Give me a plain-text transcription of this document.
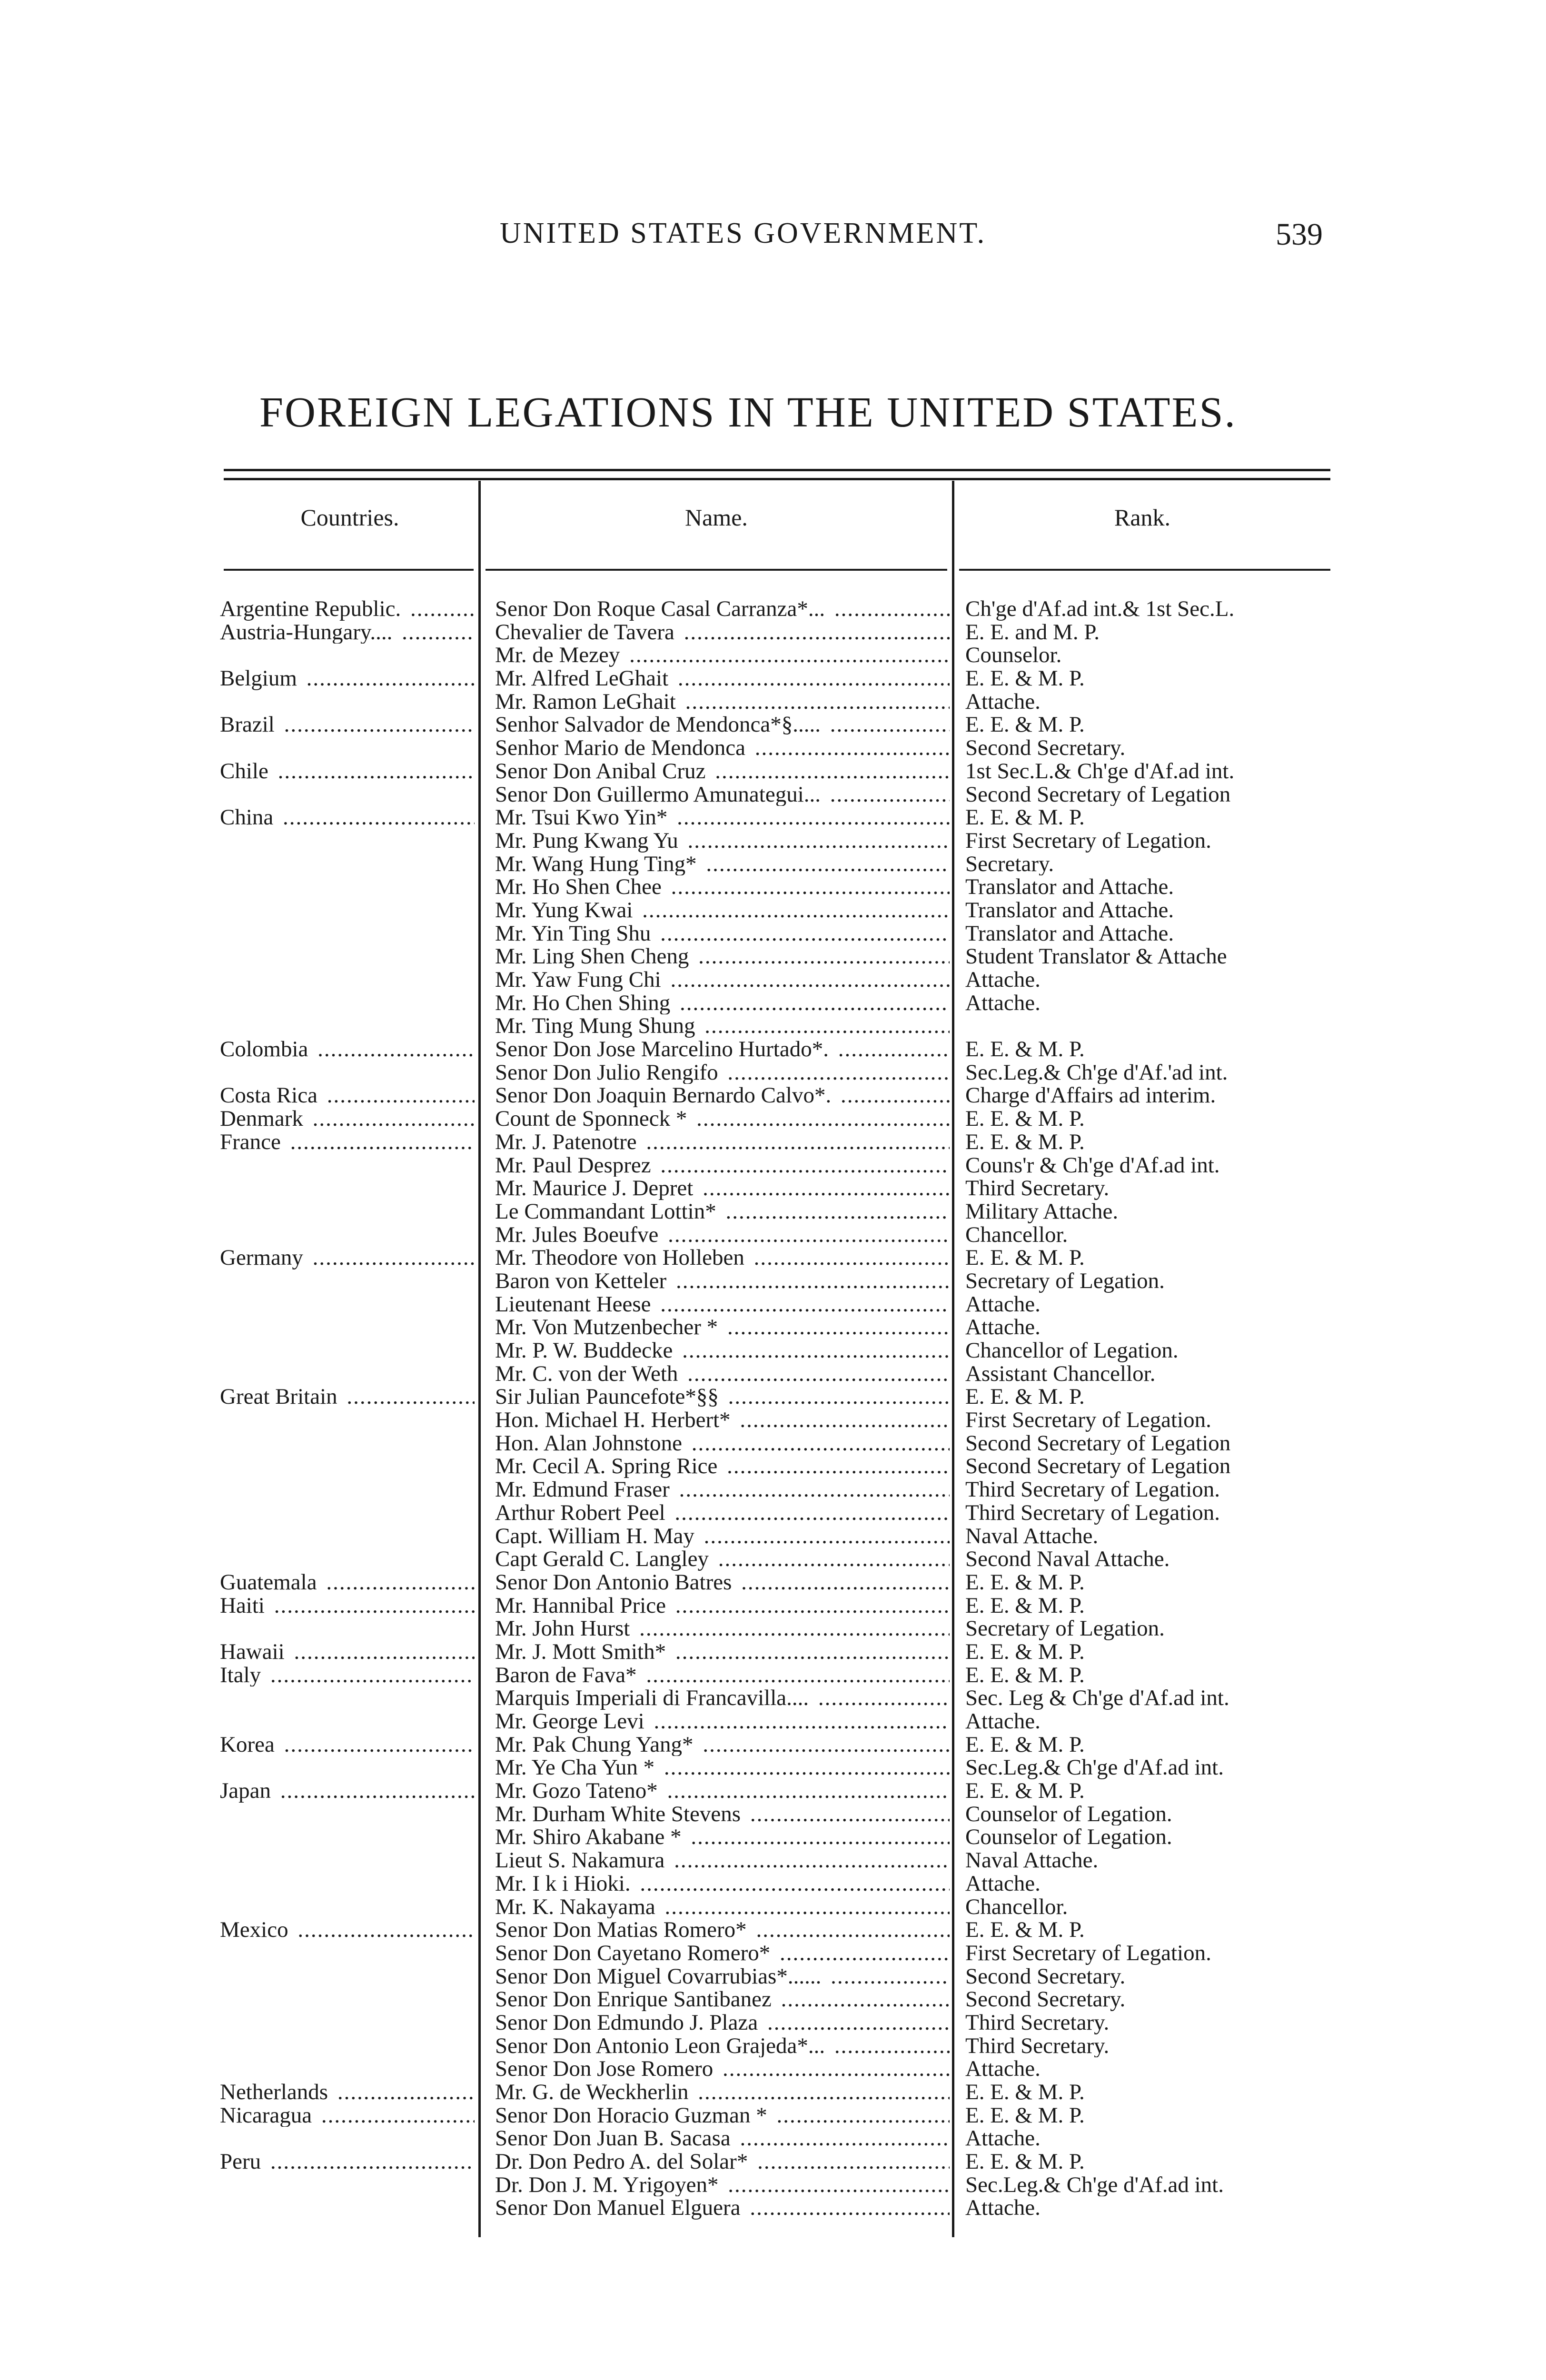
UNITED STATES GOVERNMENT.	539
FOREIGN LEGATIONS IN THE UNITED STATES.
Countries.	Name.	Rank.
Argentine Republic. .....	Senor Don Roque Casal Carranza*... .....	Ch'ge d'Af.ad int.& 1st Sec.L.
Austria-Hungary.... .....	Chevalier de Tavera .....	E. E. and M. P.
Mr. de Mezey .....	Counselor.
Belgium .....	Mr. Alfred LeGhait .....	E. E. & M. P.
Mr. Ramon LeGhait .....	Attache.
Brazil .....	Senhor Salvador de Mendonca*§..... .....	E. E. & M. P.
Senhor Mario de Mendonca .....	Second Secretary.
Chile .....	Senor Don Anibal Cruz .....	1st Sec.L.& Ch'ge d'Af.ad int.
Senor Don Guillermo Amunategui... .....	Second Secretary of Legation
China .....	Mr. Tsui Kwo Yin* .....	E. E. & M. P.
Mr. Pung Kwang Yu .....	First Secretary of Legation.
Mr. Wang Hung Ting* .....	Secretary.
Mr. Ho Shen Chee .....	Translator and Attache.
Mr. Yung Kwai .....	Translator and Attache.
Mr. Yin Ting Shu .....	Translator and Attache.
Mr. Ling Shen Cheng .....	Student Translator & Attache
Mr. Yaw Fung Chi .....	Attache.
Mr. Ho Chen Shing .....	Attache.
Mr. Ting Mung Shung .....
Colombia .....	Senor Don Jose Marcelino Hurtado*. .....	E. E. & M. P.
Senor Don Julio Rengifo .....	Sec.Leg.& Ch'ge d'Af.'ad int.
Costa Rica .....	Senor Don Joaquin Bernardo Calvo*. .....	Charge d'Affairs ad interim.
Denmark .....	Count de Sponneck * .....	E. E. & M. P.
France .....	Mr. J. Patenotre .....	E. E. & M. P.
Mr. Paul Desprez .....	Couns'r & Ch'ge d'Af.ad int.
Mr. Maurice J. Depret .....	Third Secretary.
Le Commandant Lottin* .....	Military Attache.
Mr. Jules Boeufve .....	Chancellor.
Germany .....	Mr. Theodore von Holleben .....	E. E. & M. P.
Baron von Ketteler .....	Secretary of Legation.
Lieutenant Heese .....	Attache.
Mr. Von Mutzenbecher * .....	Attache.
Mr. P. W. Buddecke .....	Chancellor of Legation.
Mr. C. von der Weth .....	Assistant Chancellor.
Great Britain .....	Sir Julian Pauncefote*§§ .....	E. E. & M. P.
Hon. Michael H. Herbert* .....	First Secretary of Legation.
Hon. Alan Johnstone .....	Second Secretary of Legation
Mr. Cecil A. Spring Rice .....	Second Secretary of Legation
Mr. Edmund Fraser .....	Third Secretary of Legation.
Arthur Robert Peel .....	Third Secretary of Legation.
Capt. William H. May .....	Naval Attache.
Capt Gerald C. Langley .....	Second Naval Attache.
Guatemala .....	Senor Don Antonio Batres .....	E. E. & M. P.
Haiti .....	Mr. Hannibal Price .....	E. E. & M. P.
Mr. John Hurst .....	Secretary of Legation.
Hawaii .....	Mr. J. Mott Smith* .....	E. E. & M. P.
Italy .....	Baron de Fava* .....	E. E. & M. P.
Marquis Imperiali di Francavilla.... .....	Sec. Leg & Ch'ge d'Af.ad int.
Mr. George Levi .....	Attache.
Korea .....	Mr. Pak Chung Yang* .....	E. E. & M. P.
Mr. Ye Cha Yun * .....	Sec.Leg.& Ch'ge d'Af.ad int.
Japan .....	Mr. Gozo Tateno* .....	E. E. & M. P.
Mr. Durham White Stevens .....	Counselor of Legation.
Mr. Shiro Akabane * .....	Counselor of Legation.
Lieut S. Nakamura .....	Naval Attache.
Mr. I k i Hioki. .....	Attache.
Mr. K. Nakayama .....	Chancellor.
Mexico .....	Senor Don Matias Romero* .....	E. E. & M. P.
Senor Don Cayetano Romero* .....	First Secretary of Legation.
Senor Don Miguel Covarrubias*...... .....	Second Secretary.
Senor Don Enrique Santibanez .....	Second Secretary.
Senor Don Edmundo J. Plaza .....	Third Secretary.
Senor Don Antonio Leon Grajeda*... .....	Third Secretary.
Senor Don Jose Romero .....	Attache.
Netherlands .....	Mr. G. de Weckherlin .....	E. E. & M. P.
Nicaragua .....	Senor Don Horacio Guzman * .....	E. E. & M. P.
Senor Don Juan B. Sacasa .....	Attache.
Peru .....	Dr. Don Pedro A. del Solar* .....	E. E. & M. P.
Dr. Don J. M. Yrigoyen* .....	Sec.Leg.& Ch'ge d'Af.ad int.
Senor Don Manuel Elguera .....	Attache.
